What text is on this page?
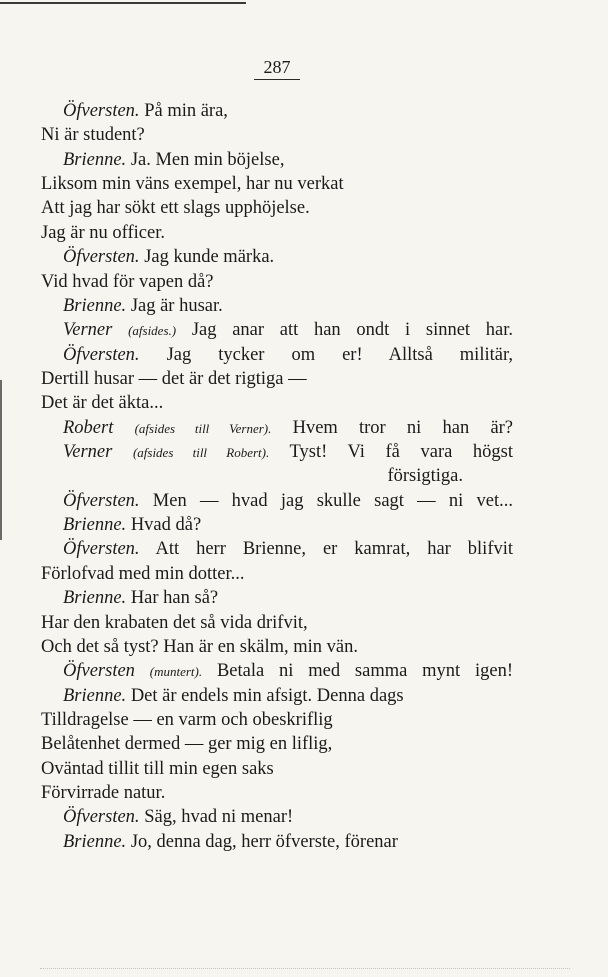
287
Öfversten. På min ära,
Ni är student?
Brienne. Ja. Men min böjelse,
Liksom min väns exempel, har nu verkat
Att jag har sökt ett slags upphöjelse.
Jag är nu officer.
Öfversten. Jag kunde märka.
Vid hvad för vapen då?
Brienne. Jag är husar.
Verner (afsides.) Jag anar att han ondt i sinnet har.
Öfversten. Jag tycker om er! Alltså militär,
Dertill husar — det är det rigtiga —
Det är det äkta...
Robert (afsides till Verner). Hvem tror ni han är?
Verner (afsides till Robert). Tyst! Vi få vara högst
försigtiga.
Öfversten. Men — hvad jag skulle sagt — ni vet...
Brienne. Hvad då?
Öfversten. Att herr Brienne, er kamrat, har blifvit
Förlofvad med min dotter...
Brienne. Har han så?
Har den krabaten det så vida drifvit,
Och det så tyst? Han är en skälm, min vän.
Öfversten (muntert). Betala ni med samma mynt igen!
Brienne. Det är endels min afsigt. Denna dags
Tilldragelse — en varm och obeskriflig
Belåtenhet dermed — ger mig en liflig,
Oväntad tillit till min egen saks
Förvirrade natur.
Öfversten. Säg, hvad ni menar!
Brienne. Jo, denna dag, herr öfverste, förenar
